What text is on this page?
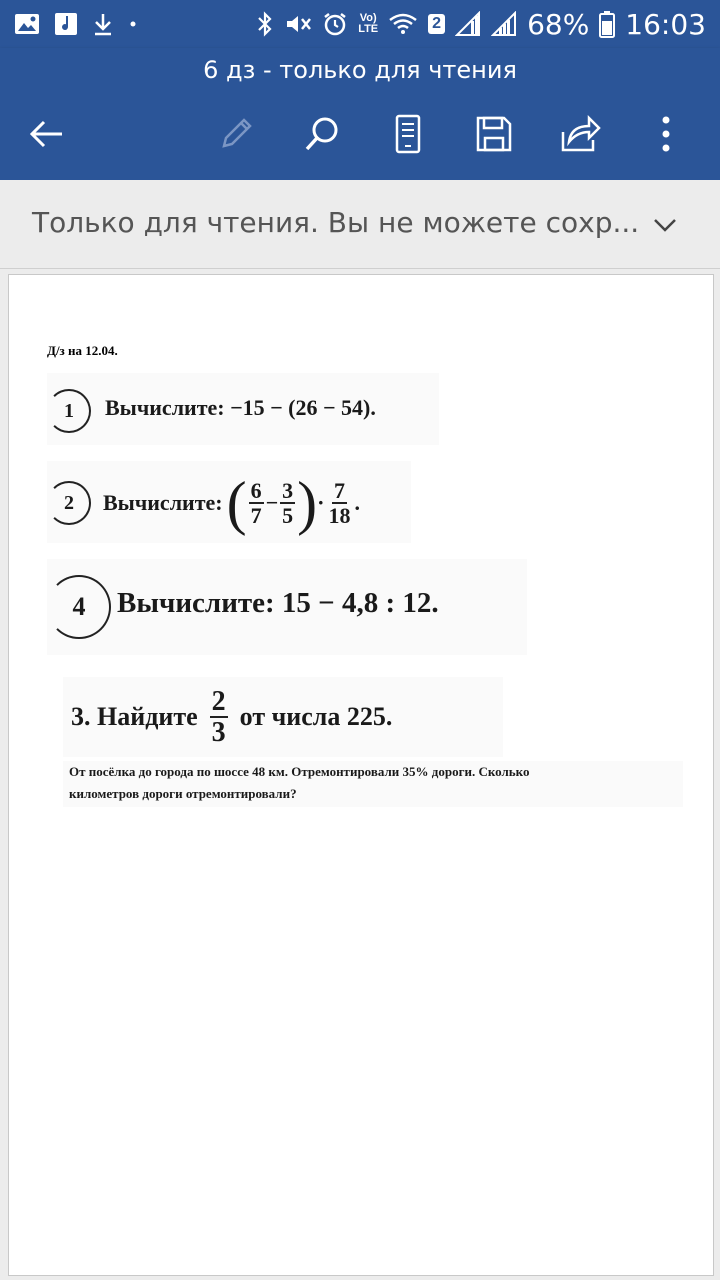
Vo)
LTE	2	68% 16:03
6 дз - только для чтения
Только для чтения. Вы не можете сохр...
Д/з на 12.04.
1 Вычислите: −15 − (26 − 54).
2 Вычислите: ( $\frac{6}{7} - \frac{3}{5}$ ) · $\frac{7}{18}$ .
4 Вычислите: 15 − 4,8 : 12.
3. Найдите $\frac{2}{3}$ от числа 225.
От посёлка до города по шоссе 48 км. Отремонтировали 35% дороги. Сколько
километров дороги отремонтировали?
